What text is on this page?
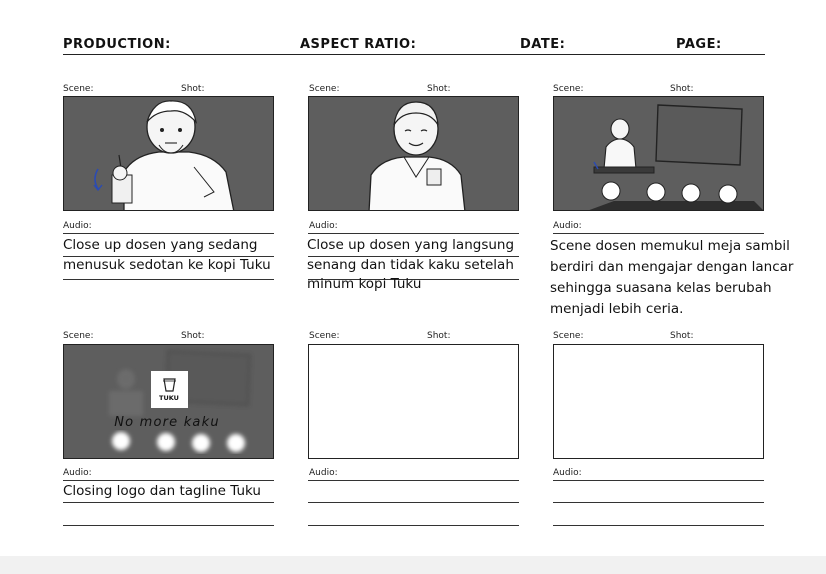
PRODUCTION:	ASPECT RATIO:	DATE:	PAGE:
Scene:	Shot:
Audio:
Close up dosen yang sedang
menusuk sedotan ke kopi Tuku
Scene:	Shot:
Audio:
Close up dosen yang langsung
senang dan tidak kaku setelah
minum kopi Tuku
Scene:	Shot:
Audio:
Scene dosen memukul meja sambil
berdiri dan mengajar dengan lancar
sehingga suasana kelas berubah
menjadi lebih ceria.
Scene:	Shot:
TUKU
No more kaku
Audio:
Closing logo dan tagline Tuku
Scene:	Shot:
Audio:
Scene:	Shot:
Audio:
